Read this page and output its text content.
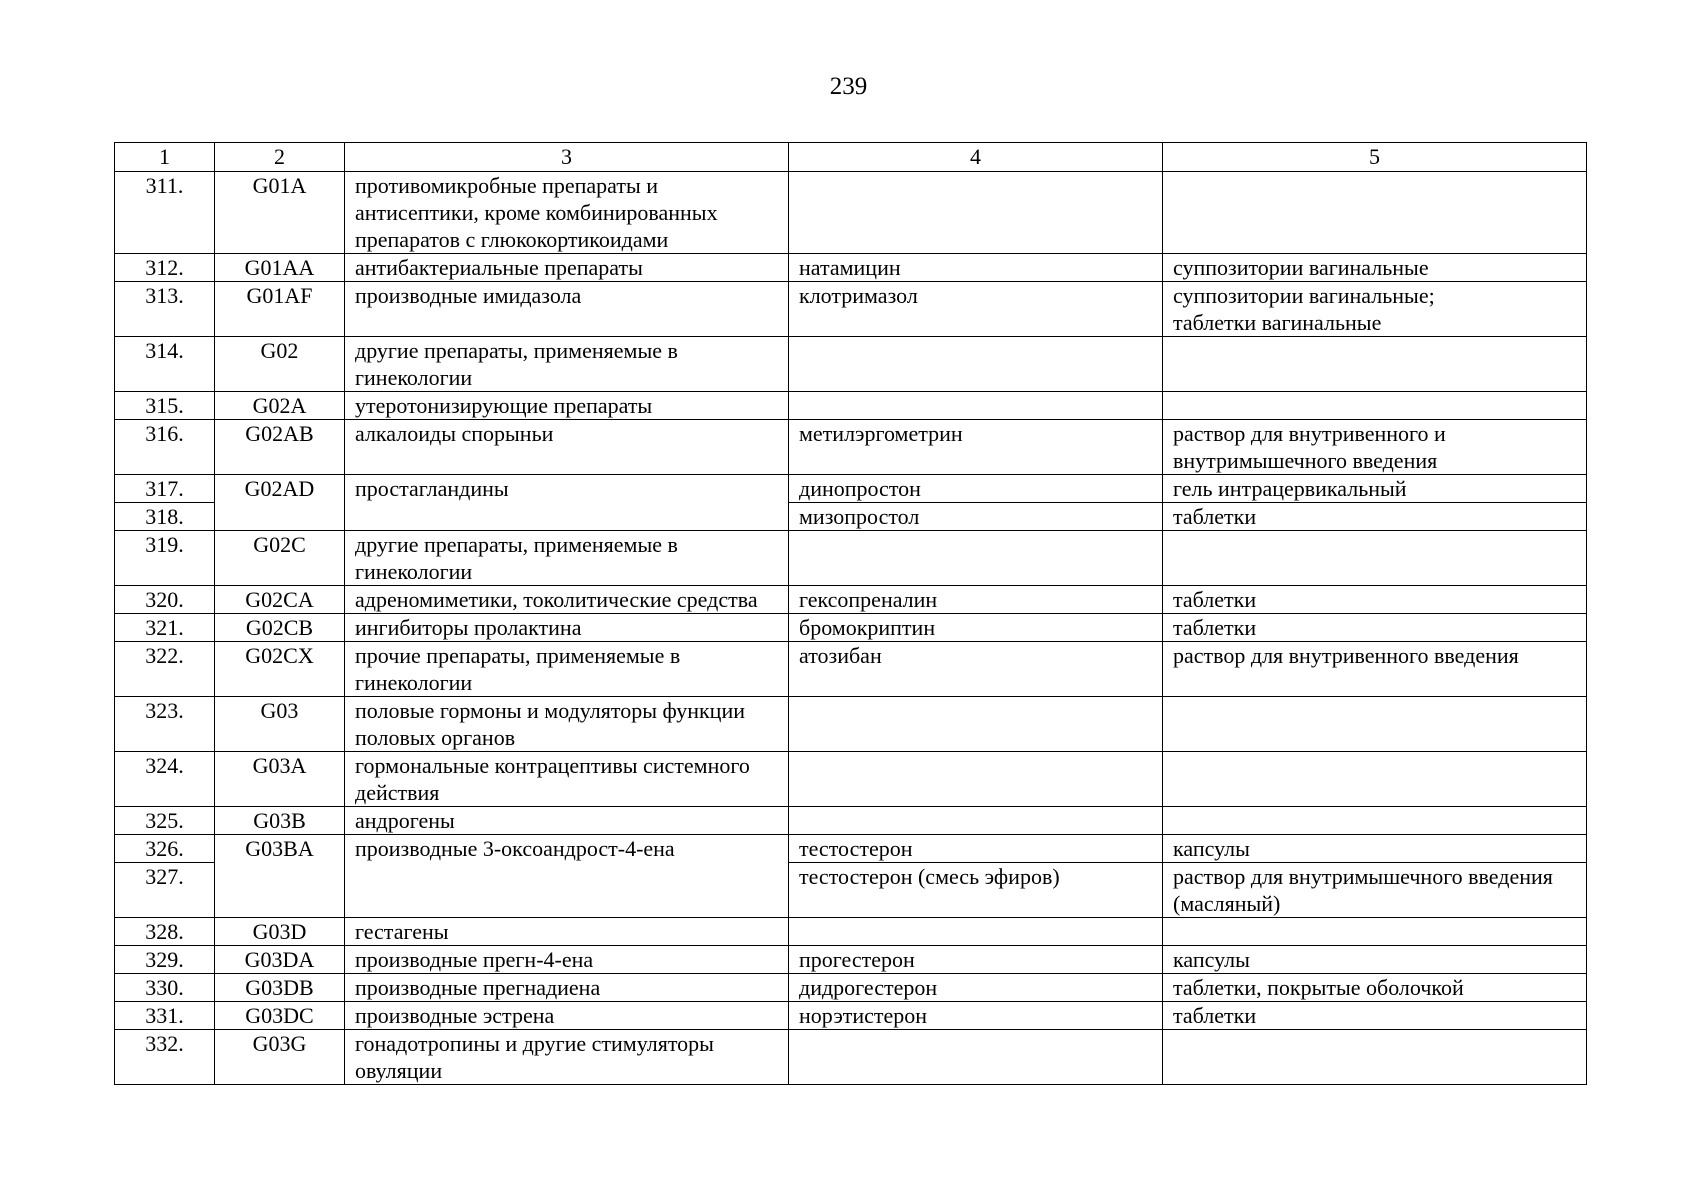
239
1	2	3	4	5
311.	G01A	противомикробные препараты и антисептики, кроме комбинированных препаратов с глюкокортикоидами		
312.	G01AA	антибактериальные препараты	натамицин	суппозитории вагинальные
313.	G01AF	производные имидазола	клотримазол	суппозитории вагинальные;
таблетки вагинальные
314.	G02	другие препараты, применяемые в гинекологии		
315.	G02A	утеротонизирующие препараты		
316.	G02AB	алкалоиды спорыньи	метилэргометрин	раствор для внутривенного и внутримышечного введения
317.	G02AD	простагландины	динопростон	гель интрацервикальный
318.			мизопростол	таблетки
319.	G02C	другие препараты, применяемые в гинекологии		
320.	G02CA	адреномиметики, токолитические средства	гексопреналин	таблетки
321.	G02CB	ингибиторы пролактина	бромокриптин	таблетки
322.	G02CX	прочие препараты, применяемые в гинекологии	атозибан	раствор для внутривенного введения
323.	G03	половые гормоны и модуляторы функции половых органов		
324.	G03A	гормональные контрацептивы системного действия		
325.	G03B	андрогены		
326.	G03BA	производные 3-оксоандрост-4-ена	тестостерон	капсулы
327.			тестостерон (смесь эфиров)	раствор для внутримышечного введения (масляный)
328.	G03D	гестагены		
329.	G03DA	производные прегн-4-ена	прогестерон	капсулы
330.	G03DB	производные прегнадиена	дидрогестерон	таблетки, покрытые оболочкой
331.	G03DC	производные эстрена	норэтистерон	таблетки
332.	G03G	гонадотропины и другие стимуляторы овуляции		
